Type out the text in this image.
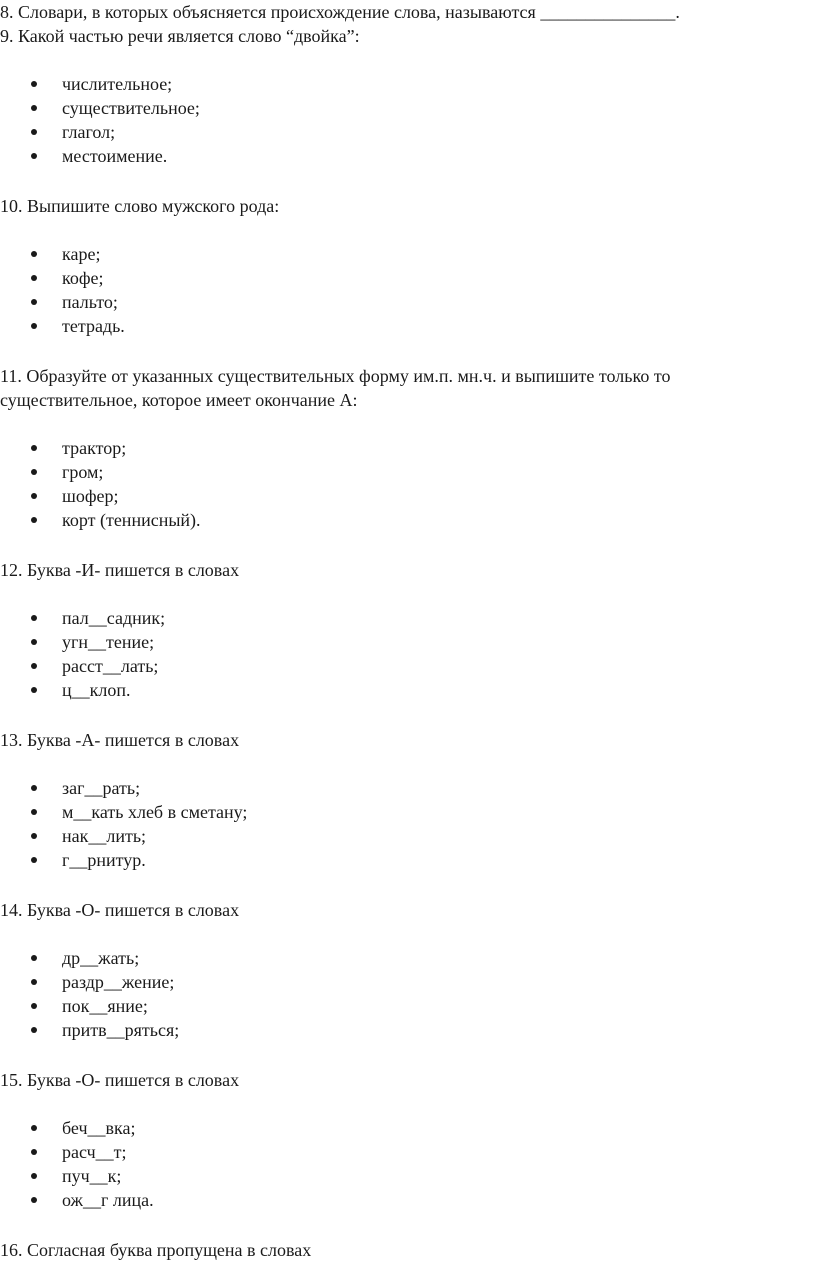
8. Словари, в которых объясняется происхождение слова, называются _______________.

9. Какой частью речи является слово “двойка”:

числительное;
существительное;
глагол;
местоимение.

10. Выпишите слово мужского рода:

каре;
кофе;
пальто;
тетрадь.

11. Образуйте от указанных существительных форму им.п. мн.ч. и выпишите только то существительное, которое имеет окончание А:

трактор;
гром;
шофер;
корт (теннисный).

12. Буква -И- пишется в словах

пал__садник;
угн__тение;
расст__лать;
ц__клоп.

13. Буква -А- пишется в словах

заг__рать;
м__кать хлеб в сметану;
нак__лить;
г__рнитур.

14. Буква -О- пишется в словах

др__жать;
раздр__жение;
пок__яние;
притв__ряться;

15. Буква -О- пишется в словах

беч__вка;
расч__т;
пуч__к;
ож__г лица.

16. Согласная буква пропущена в словах
